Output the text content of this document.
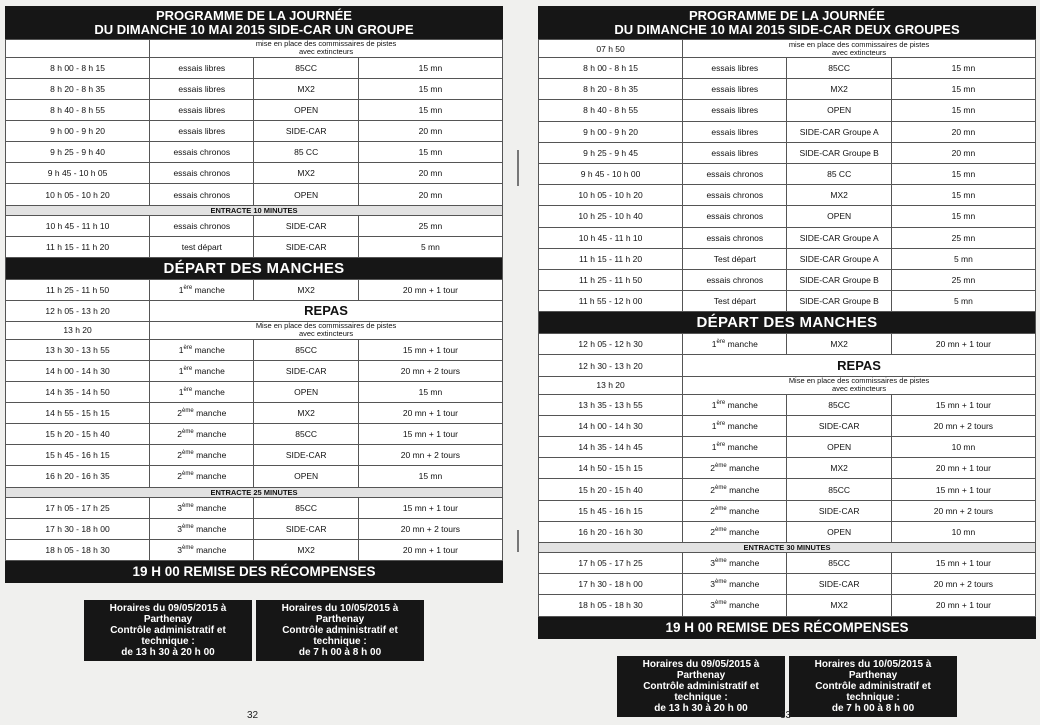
PROGRAMME DE LA JOURNÉE
DU DIMANCHE 10 MAI 2015 SIDE-CAR UN GROUPE
	mise en place des commissaires de pistes
avec extincteurs		
8 h 00 - 8 h 15	essais libres	85CC	15 mn
8 h 20 - 8 h 35	essais libres	MX2	15 mn
8 h 40 - 8 h 55	essais libres	OPEN	15 mn
9 h 00 - 9 h 20	essais libres	SIDE-CAR	20 mn
9 h 25 - 9 h 40	essais chronos	85 CC	15 mn
9 h 45 - 10 h 05	essais chronos	MX2	20 mn
10 h 05 - 10 h 20	essais chronos	OPEN	20 mn
ENTRACTE 10 MINUTES			
10 h 45 - 11 h 10	essais chronos	SIDE-CAR	25 mn
11 h 15 - 11 h 20	test départ	SIDE-CAR	5 mn
DÉPART DES MANCHES			
11 h 25 - 11 h 50	1ère manche	MX2	20 mn + 1 tour
12 h 05 - 13 h 20	REPAS		
13 h 20	Mise en place des commissaires de pistes
avec extincteurs		
13 h 30 - 13 h 55	1ère manche	85CC	15 mn + 1 tour
14 h 00 - 14 h 30	1ère manche	SIDE-CAR	20 mn + 2 tours
14 h 35 - 14 h 50	1ère manche	OPEN	15 mn
14 h 55 - 15 h 15	2ème manche	MX2	20 mn + 1 tour
15 h 20 - 15 h 40	2ème manche	85CC	15 mn + 1 tour
15 h 45 - 16 h 15	2ème manche	SIDE-CAR	20 mn + 2 tours
16 h 20 - 16 h 35	2ème manche	OPEN	15 mn
ENTRACTE 25 MINUTES			
17 h 05 - 17 h 25	3ème manche	85CC	15 mn + 1 tour
17 h 30 - 18 h 00	3ème manche	SIDE-CAR	20 mn + 2 tours
18 h 05 - 18 h 30	3ème manche	MX2	20 mn + 1 tour
19 H 00 REMISE DES RÉCOMPENSES
Horaires du 09/05/2015 à Parthenay
Contrôle administratif et technique :
de 13 h 30 à 20 h 00
Horaires du 10/05/2015 à Parthenay
Contrôle administratif et technique :
de 7 h 00 à 8 h 00
PROGRAMME DE LA JOURNÉE
DU DIMANCHE 10 MAI 2015 SIDE-CAR DEUX GROUPES
07 h 50	mise en place des commissaires de pistes
avec extincteurs		
8 h 00 - 8 h 15	essais libres	85CC	15 mn
8 h 20 - 8 h 35	essais libres	MX2	15 mn
8 h 40 - 8 h 55	essais libres	OPEN	15 mn
9 h 00 - 9 h 20	essais libres	SIDE-CAR Groupe A	20 mn
9 h 25 - 9 h 45	essais libres	SIDE-CAR Groupe B	20 mn
9 h 45 - 10 h 00	essais chronos	85 CC	15 mn
10 h 05 - 10 h 20	essais chronos	MX2	15 mn
10 h 25 - 10 h 40	essais chronos	OPEN	15 mn
10 h 45 - 11 h 10	essais chronos	SIDE-CAR Groupe A	25 mn
11 h 15 - 11 h 20	Test départ	SIDE-CAR Groupe A	5 mn
11 h 25 - 11 h 50	essais chronos	SIDE-CAR Groupe B	25 mn
11 h 55 - 12 h 00	Test départ	SIDE-CAR Groupe B	5 mn
DÉPART DES MANCHES			
12 h 05 - 12 h 30	1ère manche	MX2	20 mn + 1 tour
12 h 30 - 13 h 20	REPAS		
13 h 20	Mise en place des commissaires de pistes
avec extincteurs		
13 h 35 - 13 h 55	1ère manche	85CC	15 mn + 1 tour
14 h 00 - 14 h 30	1ère manche	SIDE-CAR	20 mn + 2 tours
14 h 35 - 14 h 45	1ère manche	OPEN	10 mn
14 h 50 - 15 h 15	2ème manche	MX2	20 mn + 1 tour
15 h 20 - 15 h 40	2ème manche	85CC	15 mn + 1 tour
15 h 45 - 16 h 15	2ème manche	SIDE-CAR	20 mn + 2 tours
16 h 20 - 16 h 30	2ème manche	OPEN	10 mn
ENTRACTE 30 MINUTES			
17 h 05 - 17 h 25	3ème manche	85CC	15 mn + 1 tour
17 h 30 - 18 h 00	3ème manche	SIDE-CAR	20 mn + 2 tours
18 h 05 - 18 h 30	3ème manche	MX2	20 mn + 1 tour
19 H 00 REMISE DES RÉCOMPENSES
Horaires du 09/05/2015 à Parthenay
Contrôle administratif et technique :
de 13 h 30 à 20 h 00
Horaires du 10/05/2015 à Parthenay
Contrôle administratif et technique :
de 7 h 00 à 8 h 00
32	33
